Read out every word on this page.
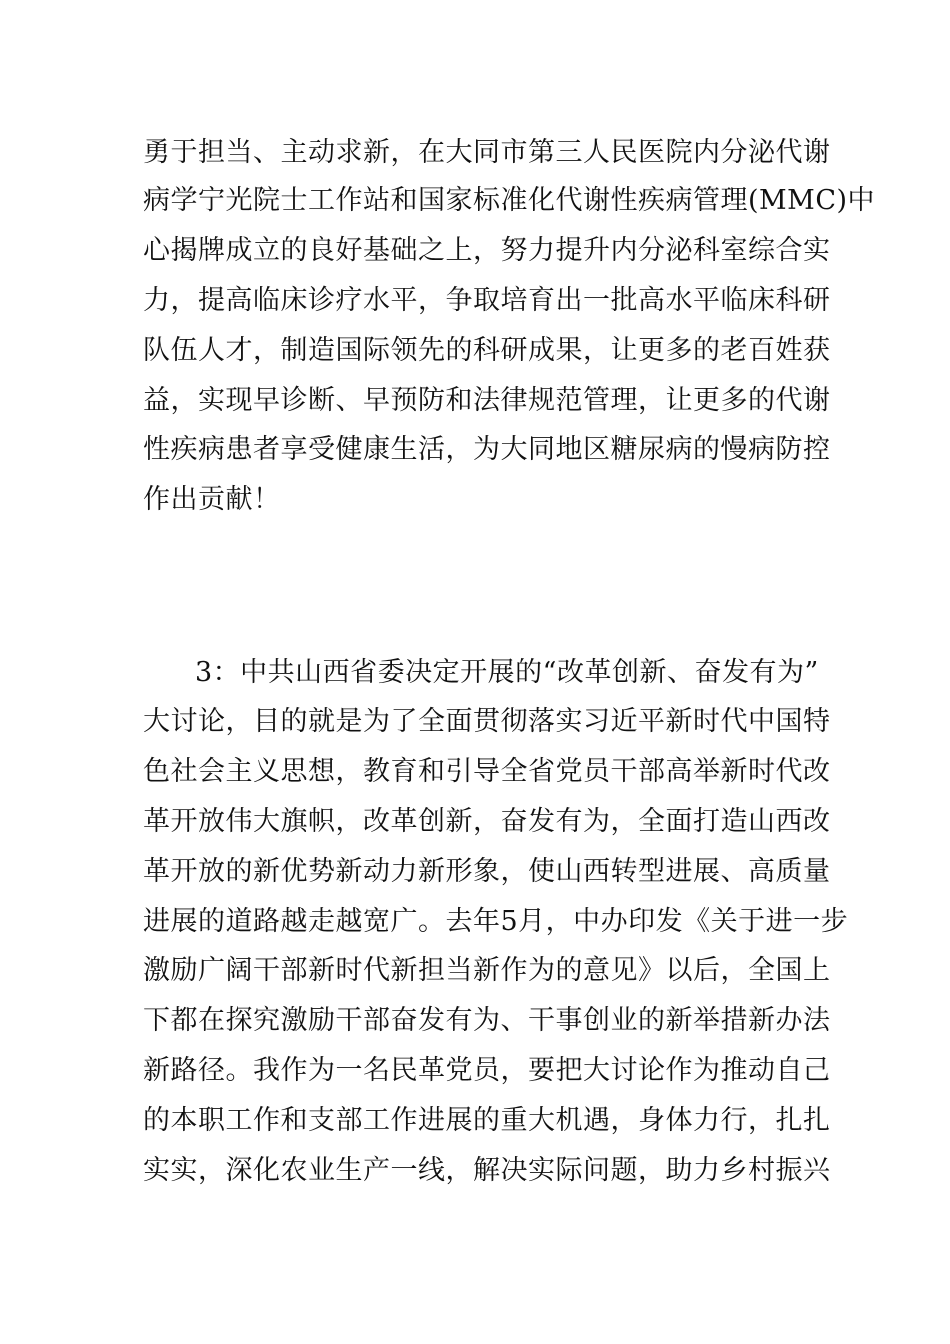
勇于担当、主动求新，在大同市第三人民医院内分泌代谢
病学宁光院士工作站和国家标准化代谢性疾病管理(MMC)中
心揭牌成立的良好基础之上，努力提升内分泌科室综合实
力，提高临床诊疗水平，争取培育出一批高水平临床科研
队伍人才，制造国际领先的科研成果，让更多的老百姓获
益，实现早诊断、早预防和法律规范管理，让更多的代谢
性疾病患者享受健康生活，为大同地区糖尿病的慢病防控
作出贡献！
3：中共山西省委决定开展的“改革创新、奋发有为”
大讨论，目的就是为了全面贯彻落实习近平新时代中国特
色社会主义思想，教育和引导全省党员干部高举新时代改
革开放伟大旗帜，改革创新，奋发有为，全面打造山西改
革开放的新优势新动力新形象，使山西转型进展、高质量
进展的道路越走越宽广。去年5月，中办印发《关于进一步
激励广阔干部新时代新担当新作为的意见》以后，全国上
下都在探究激励干部奋发有为、干事创业的新举措新办法
新路径。我作为一名民革党员，要把大讨论作为推动自己
的本职工作和支部工作进展的重大机遇，身体力行，扎扎
实实，深化农业生产一线，解决实际问题，助力乡村振兴
